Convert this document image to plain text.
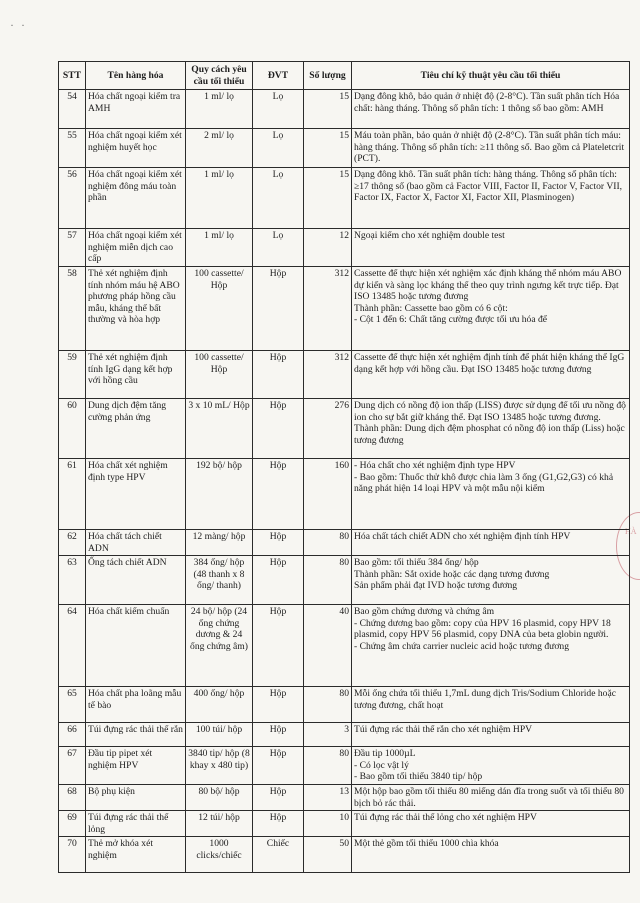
· ·
HÀ
STT	Tên hàng hóa	Quy cách yêu cầu tối thiểu	ĐVT	Số lượng	Tiêu chí kỹ thuật yêu cầu tối thiểu
54	Hóa chất ngoại kiểm tra AMH	1 ml/ lọ	Lọ	15	Dạng đông khô, bảo quản ở nhiệt độ (2-8°C). Tần suất phân tích Hóa chất: hàng tháng. Thông số phân tích: 1 thông số bao gồm: AMH

55	Hóa chất ngoại kiểm xét nghiệm huyết học	2 ml/ lọ	Lọ	15	Máu toàn phần, bảo quản ở nhiệt độ (2-8°C). Tần suất phân tích máu: hàng tháng. Thông số phân tích: ≥11 thông số. Bao gồm cả Plateletcrit (PCT).

56	Hóa chất ngoại kiểm xét nghiệm đông máu toàn phần	1 ml/ lọ	Lọ	15	Dạng đông khô. Tần suất phân tích: hàng tháng. Thông số phân tích: ≥17 thông số (bao gồm cả Factor VIII, Factor II, Factor V, Factor VII, Factor IX, Factor X, Factor XI, Factor XII, Plasminogen)

57	Hóa chất ngoại kiểm xét nghiệm miễn dịch cao cấp	1 ml/ lọ	Lọ	12	Ngoại kiểm cho xét nghiệm double test

58	Thẻ xét nghiệm định tính nhóm máu hệ ABO phương pháp hồng cầu mẫu, kháng thể bất thường và hòa hợp	100 cassette/ Hộp	Hộp	312	Cassette để thực hiện xét nghiệm xác định kháng thể nhóm máu ABO dự kiến và sàng lọc kháng thể theo quy trình ngưng kết trực tiếp. Đạt ISO 13485 hoặc tương đương
Thành phần: Cassette bao gồm có 6 cột:
- Cột 1 đến 6: Chất tăng cường được tối ưu hóa để

59	Thẻ xét nghiệm định tính IgG dạng kết hợp với hồng cầu	100 cassette/ Hộp	Hộp	312	Cassette để thực hiện xét nghiệm định tính để phát hiện kháng thể IgG dạng kết hợp với hồng cầu. Đạt ISO 13485 hoặc tương đương

60	Dung dịch đệm tăng cường phản ứng	3 x 10 mL/ Hộp	Hộp	276	Dung dịch có nồng độ ion thấp (LISS) được sử dụng để tối ưu nồng độ ion cho sự bắt giữ kháng thể. Đạt ISO 13485 hoặc tương đương.
Thành phần: Dung dịch đệm phosphat có nồng độ ion thấp (Liss) hoặc tương đương

61	Hóa chất xét nghiệm định type HPV	192 bộ/ hộp	Hộp	160	- Hóa chất cho xét nghiệm định type HPV
- Bao gồm: Thuốc thử khô được chia làm 3 ống (G1,G2,G3) có khả năng phát hiện 14 loại HPV và một mẫu nội kiểm

62	Hóa chất tách chiết ADN	12 màng/ hộp	Hộp	80	Hóa chất tách chiết ADN cho xét nghiệm định tính HPV

63	Ống tách chiết ADN	384 ống/ hộp (48 thanh x 8 ống/ thanh)	Hộp	80	Bao gồm: tối thiểu 384 ống/ hộp
Thành phần: Sắt oxide hoặc các dạng tương đương
Sản phẩm phải đạt IVD hoặc tương đương

64	Hóa chất kiểm chuẩn	24 bộ/ hộp (24 ống chứng dương & 24 ống chứng âm)	Hộp	40	Bao gồm chứng dương và chứng âm
- Chứng dương bao gồm: copy của HPV 16 plasmid, copy HPV 18 plasmid, copy HPV 56 plasmid, copy DNA của beta globin người.
- Chứng âm chứa carrier nucleic acid hoặc tương đương

65	Hóa chất pha loãng mẫu tế bào	400 ống/ hộp	Hộp	80	Mỗi ống chứa tối thiểu 1,7mL dung dịch Tris/Sodium Chloride hoặc tương đương, chất hoạt

66	Túi đựng rác thải thể rắn	100 túi/ hộp	Hộp	3	Túi đựng rác thải thể rắn cho xét nghiệm HPV

67	Đầu tip pipet xét nghiệm HPV	3840 tip/ hộp (8 khay x 480 tip)	Hộp	80	Đầu tip 1000µL
- Có lọc vật lý
- Bao gồm tối thiểu 3840 tip/ hộp

68	Bộ phụ kiện	80 bộ/ hộp	Hộp	13	Một hộp bao gồm tối thiểu 80 miếng dán đĩa trong suốt và tối thiểu 80 bịch bỏ rác thải.

69	Túi đựng rác thải thể lỏng	12 túi/ hộp	Hộp	10	Túi đựng rác thải thể lỏng cho xét nghiệm HPV

70	Thẻ mở khóa xét nghiệm	1000 clicks/chiếc	Chiếc	50	Một thẻ gồm tối thiểu 1000 chìa khóa
